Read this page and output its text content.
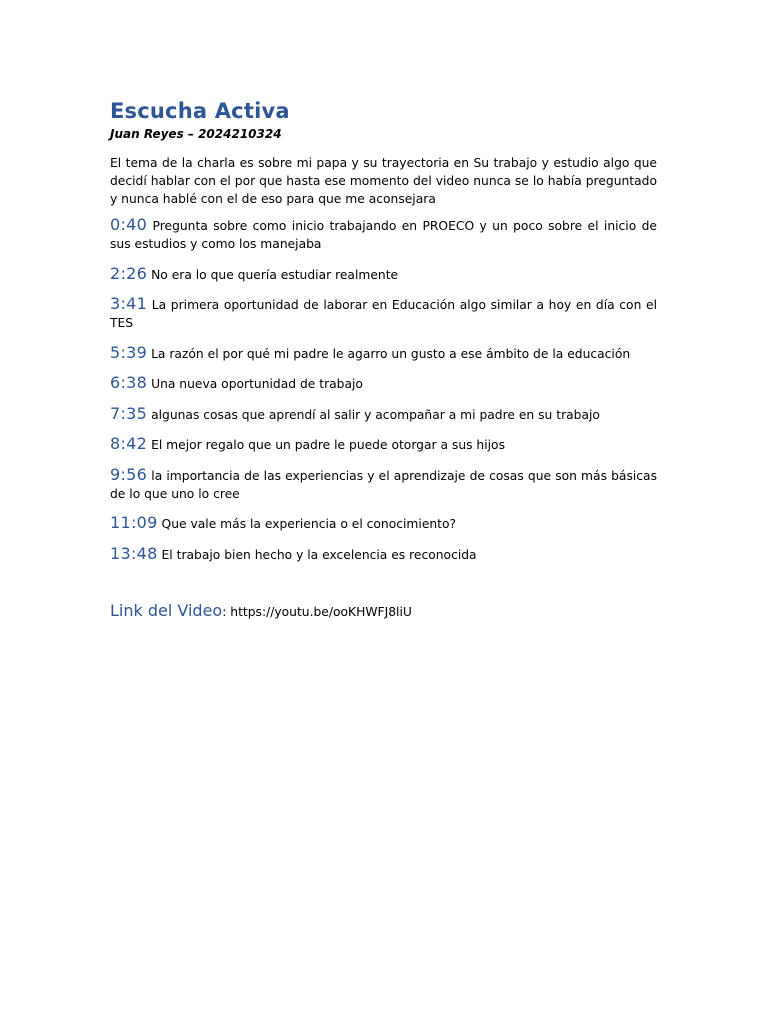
Escucha Activa

Juan Reyes – 2024210324

El tema de la charla es sobre mi papa y su trayectoria en Su trabajo y estudio algo que decidí hablar con el por que hasta ese momento del video nunca se lo había preguntado y nunca hablé con el de eso para que me aconsejara

0:40 Pregunta sobre como inicio trabajando en PROECO y un poco sobre el inicio de sus estudios y como los manejaba

2:26 No era lo que quería estudiar realmente

3:41 La primera oportunidad de laborar en Educación algo similar a hoy en día con el TES

5:39 La razón el por qué mi padre le agarro un gusto a ese ámbito de la educación

6:38 Una nueva oportunidad de trabajo

7:35 algunas cosas que aprendí al salir y acompañar a mi padre en su trabajo

8:42 El mejor regalo que un padre le puede otorgar a sus hijos

9:56 la importancia de las experiencias y el aprendizaje de cosas que son más básicas de lo que uno lo cree

11:09 Que vale más la experiencia o el conocimiento?

13:48 El trabajo bien hecho y la excelencia es reconocida

Link del Video: https://youtu.be/ooKHWFJ8liU
